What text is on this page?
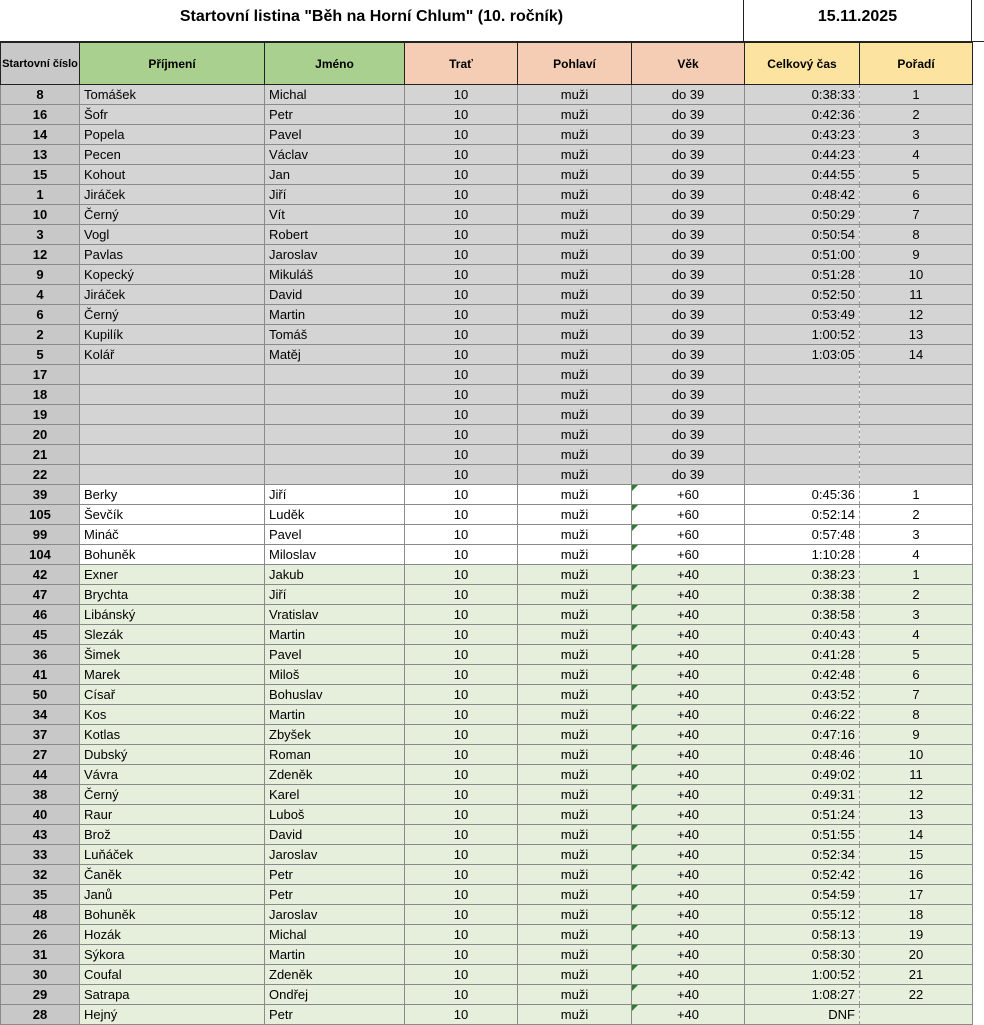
Startovní listina "Běh na Horní Chlum" (10. ročník)	15.11.2025
Startovní číslo	Příjmení	Jméno	Trať	Pohlaví	Věk	Celkový čas	Pořadí
8	Tomášek	Michal	10	muži	do 39	0:38:33	1
16	Šofr	Petr	10	muži	do 39	0:42:36	2
14	Popela	Pavel	10	muži	do 39	0:43:23	3
13	Pecen	Václav	10	muži	do 39	0:44:23	4
15	Kohout	Jan	10	muži	do 39	0:44:55	5
1	Jiráček	Jiří	10	muži	do 39	0:48:42	6
10	Černý	Vít	10	muži	do 39	0:50:29	7
3	Vogl	Robert	10	muži	do 39	0:50:54	8
12	Pavlas	Jaroslav	10	muži	do 39	0:51:00	9
9	Kopecký	Mikuláš	10	muži	do 39	0:51:28	10
4	Jiráček	David	10	muži	do 39	0:52:50	11
6	Černý	Martin	10	muži	do 39	0:53:49	12
2	Kupilík	Tomáš	10	muži	do 39	1:00:52	13
5	Kolář	Matěj	10	muži	do 39	1:03:05	14
17			10	muži	do 39		
18			10	muži	do 39		
19			10	muži	do 39		
20			10	muži	do 39		
21			10	muži	do 39		
22			10	muži	do 39		
39	Berky	Jiří	10	muži	+60	0:45:36	1
105	Ševčík	Luděk	10	muži	+60	0:52:14	2
99	Mináč	Pavel	10	muži	+60	0:57:48	3
104	Bohuněk	Miloslav	10	muži	+60	1:10:28	4
42	Exner	Jakub	10	muži	+40	0:38:23	1
47	Brychta	Jiří	10	muži	+40	0:38:38	2
46	Libánský	Vratislav	10	muži	+40	0:38:58	3
45	Slezák	Martin	10	muži	+40	0:40:43	4
36	Šimek	Pavel	10	muži	+40	0:41:28	5
41	Marek	Miloš	10	muži	+40	0:42:48	6
50	Císař	Bohuslav	10	muži	+40	0:43:52	7
34	Kos	Martin	10	muži	+40	0:46:22	8
37	Kotlas	Zbyšek	10	muži	+40	0:47:16	9
27	Dubský	Roman	10	muži	+40	0:48:46	10
44	Vávra	Zdeněk	10	muži	+40	0:49:02	11
38	Černý	Karel	10	muži	+40	0:49:31	12
40	Raur	Luboš	10	muži	+40	0:51:24	13
43	Brož	David	10	muži	+40	0:51:55	14
33	Luňáček	Jaroslav	10	muži	+40	0:52:34	15
32	Čaněk	Petr	10	muži	+40	0:52:42	16
35	Janů	Petr	10	muži	+40	0:54:59	17
48	Bohuněk	Jaroslav	10	muži	+40	0:55:12	18
26	Hozák	Michal	10	muži	+40	0:58:13	19
31	Sýkora	Martin	10	muži	+40	0:58:30	20
30	Coufal	Zdeněk	10	muži	+40	1:00:52	21
29	Satrapa	Ondřej	10	muži	+40	1:08:27	22
28	Hejný	Petr	10	muži	+40	DNF	
